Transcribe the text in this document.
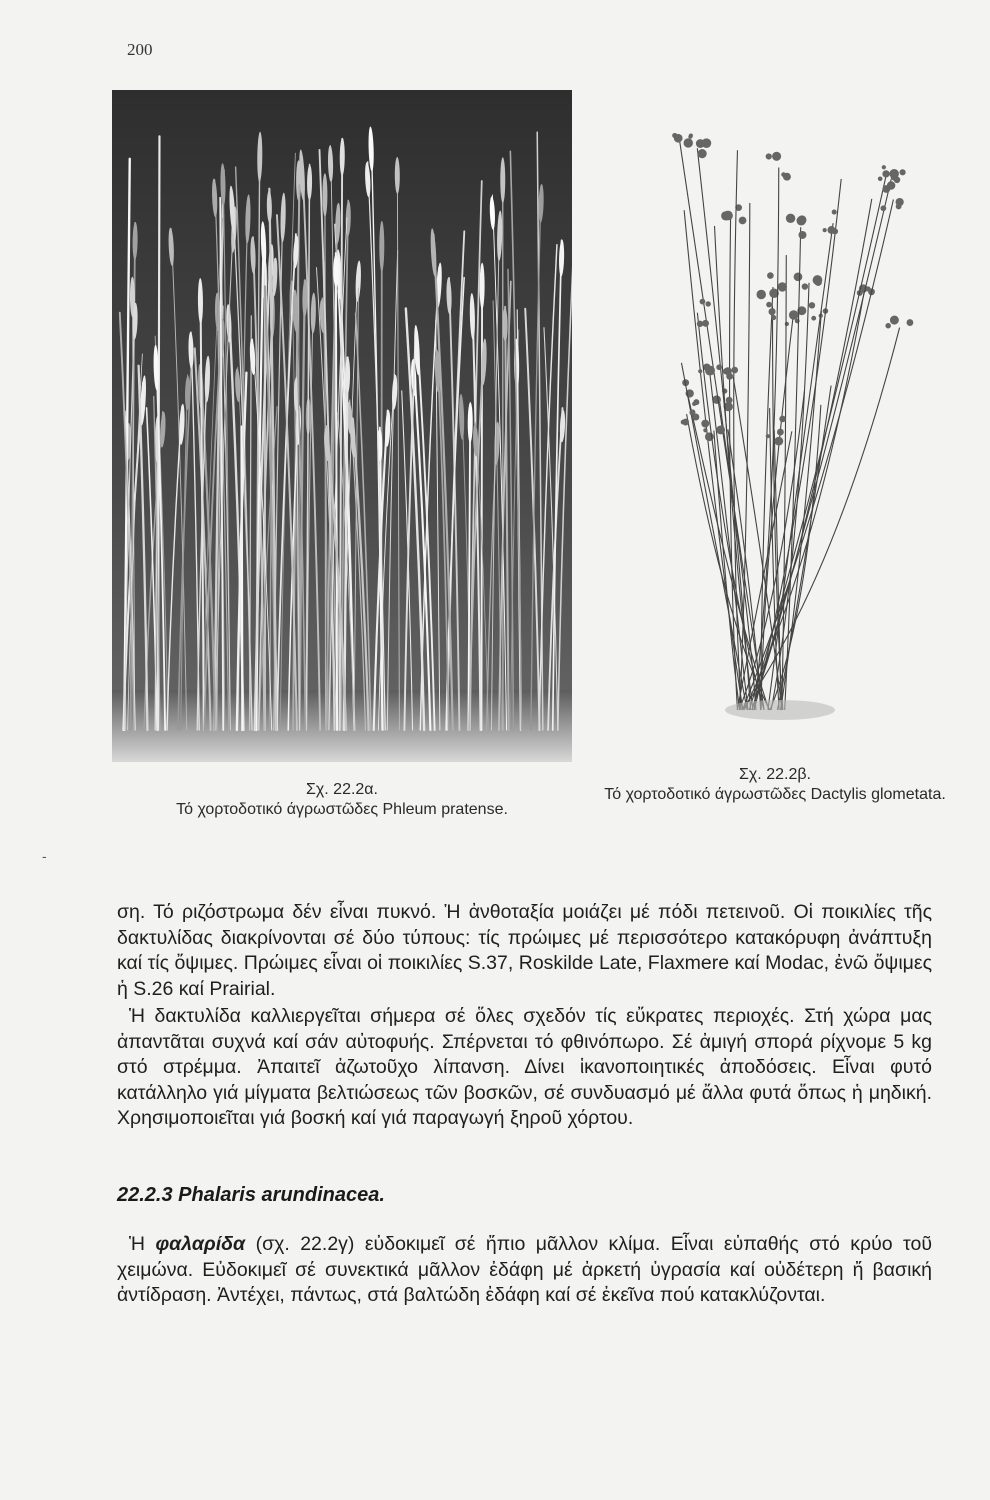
200
Σχ. 22.2α.
Τό χορτοδοτικό άγρωστῶδες Phleum pratense.
Σχ. 22.2β.
Τό χορτοδοτικό άγρωστῶδες Dactylis glometata.
-

ση. Τό ριζόστρωμα δέν εἶναι πυκνό. Ἡ ἀνθοταξία μοιάζει μέ πόδι πετεινοῦ. Οἱ ποικιλίες τῆς δακτυλίδας διακρίνονται σέ δύο τύπους: τίς πρώιμες μέ περισσότερο κατακόρυφη ἀνάπτυξη καί τίς ὄψιμες. Πρώιμες εἶναι οἱ ποικιλίες S.37, Roskilde Late, Flaxmere καί Modac, ἐνῶ ὄψιμες ἡ S.26 καί Prairial.

Ἡ δακτυλίδα καλλιεργεῖται σήμερα σέ ὅλες σχεδόν τίς εὔκρατες περιοχές. Στή χώρα μας ἀπαντᾶται συχνά καί σάν αὐτοφυής. Σπέρνεται τό φθινόπωρο. Σέ ἀμιγή σπορά ρίχνομε 5 kg στό στρέμμα. Ἀπαιτεῖ ἀζωτοῦχο λίπανση. Δίνει ἱκανοποιητικές ἀποδόσεις. Εἶναι φυτό κατάλληλο γιά μίγματα βελτιώσεως τῶν βοσκῶν, σέ συνδυασμό μέ ἄλλα φυτά ὅπως ἡ μηδική. Χρησιμοποιεῖται γιά βοσκή καί γιά παραγωγή ξηροῦ χόρτου.

22.2.3 Phalaris arundinacea.

Ἡ φαλαρίδα (σχ. 22.2γ) εὐδοκιμεῖ σέ ἤπιο μᾶλλον κλίμα. Εἶναι εὐπαθής στό κρύο τοῦ χειμώνα. Εὐδοκιμεῖ σέ συνεκτικά μᾶλλον ἐδάφη μέ ἀρκετή ὑγρασία καί οὐδέτερη ἤ βασική ἀντίδραση. Ἀντέχει, πάντως, στά βαλτώδη ἐδάφη καί σέ ἐκεῖνα πού κατακλύζονται.
